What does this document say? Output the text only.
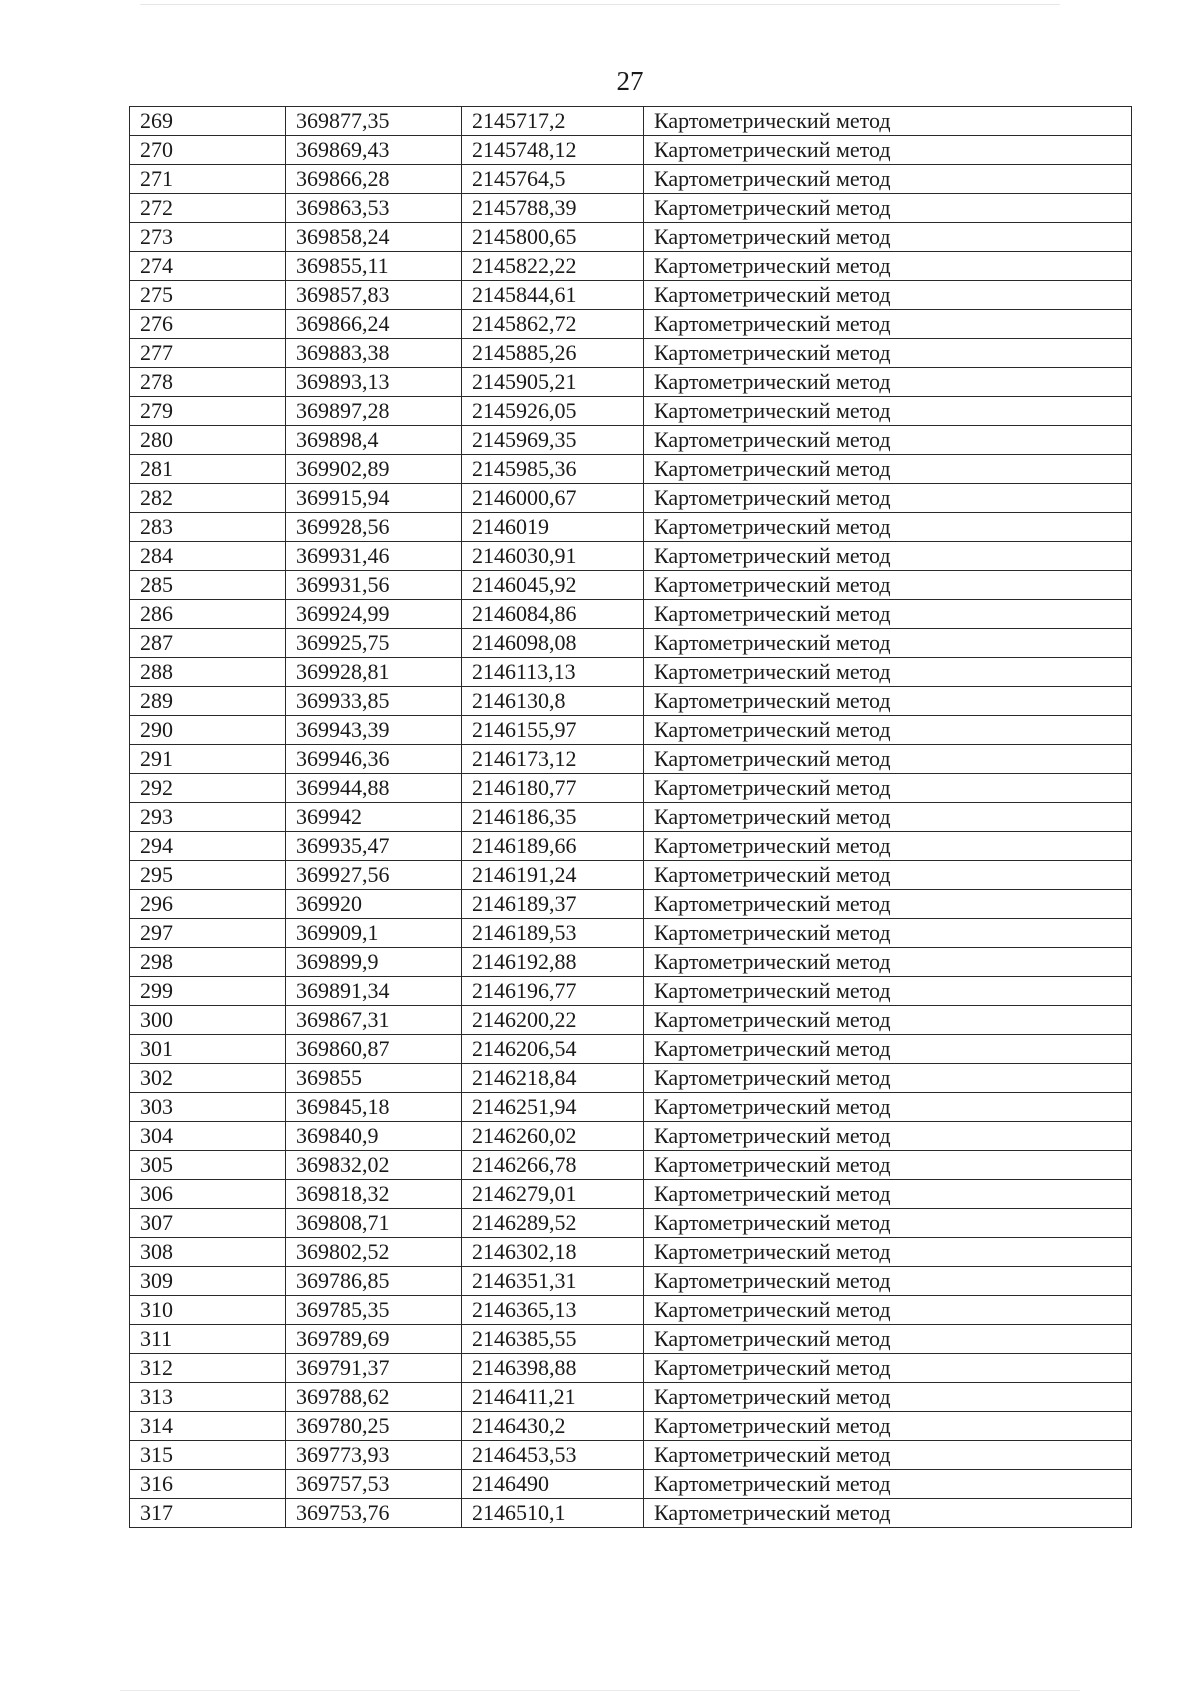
27
269	369877,35	2145717,2	Картометрический метод
270	369869,43	2145748,12	Картометрический метод
271	369866,28	2145764,5	Картометрический метод
272	369863,53	2145788,39	Картометрический метод
273	369858,24	2145800,65	Картометрический метод
274	369855,11	2145822,22	Картометрический метод
275	369857,83	2145844,61	Картометрический метод
276	369866,24	2145862,72	Картометрический метод
277	369883,38	2145885,26	Картометрический метод
278	369893,13	2145905,21	Картометрический метод
279	369897,28	2145926,05	Картометрический метод
280	369898,4	2145969,35	Картометрический метод
281	369902,89	2145985,36	Картометрический метод
282	369915,94	2146000,67	Картометрический метод
283	369928,56	2146019	Картометрический метод
284	369931,46	2146030,91	Картометрический метод
285	369931,56	2146045,92	Картометрический метод
286	369924,99	2146084,86	Картометрический метод
287	369925,75	2146098,08	Картометрический метод
288	369928,81	2146113,13	Картометрический метод
289	369933,85	2146130,8	Картометрический метод
290	369943,39	2146155,97	Картометрический метод
291	369946,36	2146173,12	Картометрический метод
292	369944,88	2146180,77	Картометрический метод
293	369942	2146186,35	Картометрический метод
294	369935,47	2146189,66	Картометрический метод
295	369927,56	2146191,24	Картометрический метод
296	369920	2146189,37	Картометрический метод
297	369909,1	2146189,53	Картометрический метод
298	369899,9	2146192,88	Картометрический метод
299	369891,34	2146196,77	Картометрический метод
300	369867,31	2146200,22	Картометрический метод
301	369860,87	2146206,54	Картометрический метод
302	369855	2146218,84	Картометрический метод
303	369845,18	2146251,94	Картометрический метод
304	369840,9	2146260,02	Картометрический метод
305	369832,02	2146266,78	Картометрический метод
306	369818,32	2146279,01	Картометрический метод
307	369808,71	2146289,52	Картометрический метод
308	369802,52	2146302,18	Картометрический метод
309	369786,85	2146351,31	Картометрический метод
310	369785,35	2146365,13	Картометрический метод
311	369789,69	2146385,55	Картометрический метод
312	369791,37	2146398,88	Картометрический метод
313	369788,62	2146411,21	Картометрический метод
314	369780,25	2146430,2	Картометрический метод
315	369773,93	2146453,53	Картометрический метод
316	369757,53	2146490	Картометрический метод
317	369753,76	2146510,1	Картометрический метод
